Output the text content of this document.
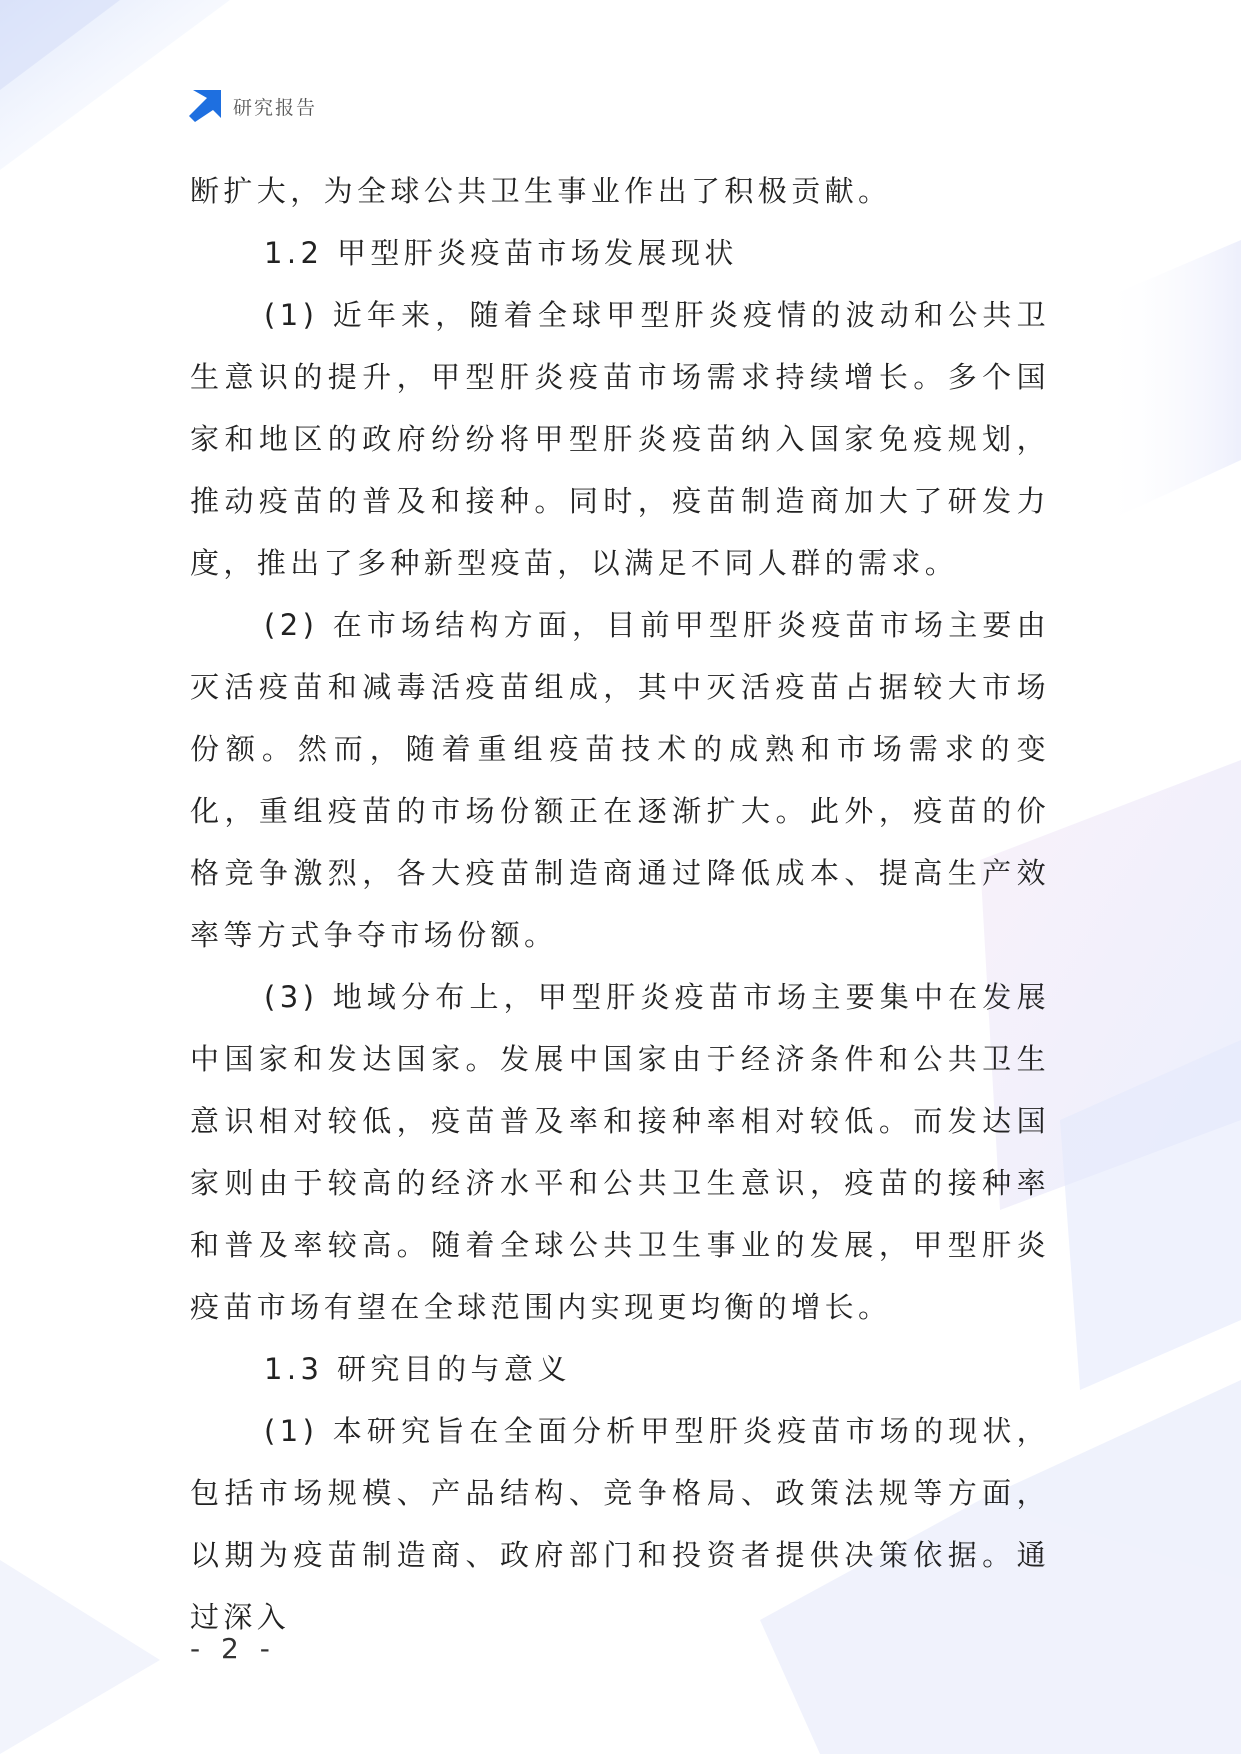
研究报告

断扩大，为全球公共卫生事业作出了积极贡献。

1.2 甲型肝炎疫苗市场发展现状

(1) 近年来，随着全球甲型肝炎疫情的波动和公共卫生意识的提升，甲型肝炎疫苗市场需求持续增长。多个国家和地区的政府纷纷将甲型肝炎疫苗纳入国家免疫规划，推动疫苗的普及和接种。同时，疫苗制造商加大了研发力度，推出了多种新型疫苗，以满足不同人群的需求。

(2) 在市场结构方面，目前甲型肝炎疫苗市场主要由灭活疫苗和减毒活疫苗组成，其中灭活疫苗占据较大市场份额。然而，随着重组疫苗技术的成熟和市场需求的变化，重组疫苗的市场份额正在逐渐扩大。此外，疫苗的价格竞争激烈，各大疫苗制造商通过降低成本、提高生产效率等方式争夺市场份额。

(3) 地域分布上，甲型肝炎疫苗市场主要集中在发展中国家和发达国家。发展中国家由于经济条件和公共卫生意识相对较低，疫苗普及率和接种率相对较低。而发达国家则由于较高的经济水平和公共卫生意识，疫苗的接种率和普及率较高。随着全球公共卫生事业的发展，甲型肝炎疫苗市场有望在全球范围内实现更均衡的增长。

1.3 研究目的与意义

(1) 本研究旨在全面分析甲型肝炎疫苗市场的现状，包括市场规模、产品结构、竞争格局、政策法规等方面，以期为疫苗制造商、政府部门和投资者提供决策依据。通过深入

- 2 -
